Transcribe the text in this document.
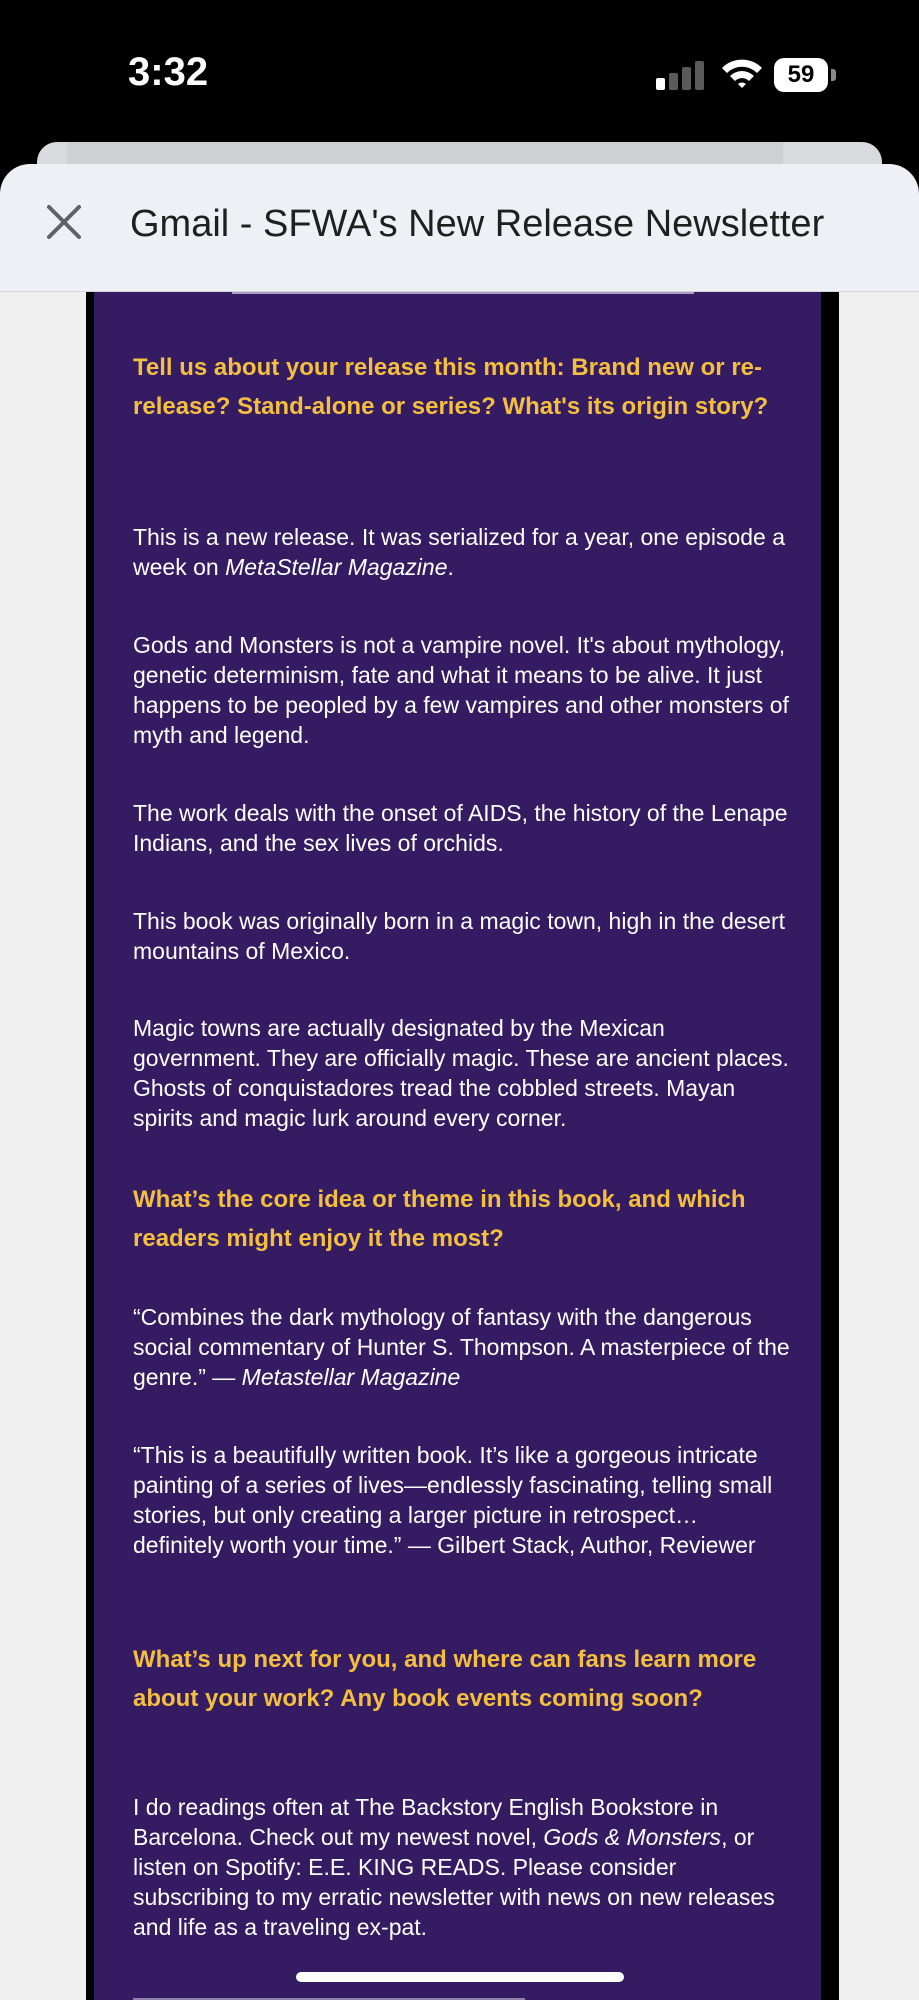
3:32	59

Tell us about your release this month: Brand new or re-release? Stand-alone or series? What's its origin story?

This is a new release. It was serialized for a year, one episode a week on MetaStellar Magazine.

Gods and Monsters is not a vampire novel. It's about mythology, genetic determinism, fate and what it means to be alive. It just happens to be peopled by a few vampires and other monsters of myth and legend.

The work deals with the onset of AIDS, the history of the Lenape Indians, and the sex lives of orchids.

This book was originally born in a magic town, high in the desert mountains of Mexico.

Magic towns are actually designated by the Mexican government. They are officially magic. These are ancient places. Ghosts of conquistadores tread the cobbled streets. Mayan spirits and magic lurk around every corner.

What’s the core idea or theme in this book, and which readers might enjoy it the most?

“Combines the dark mythology of fantasy with the dangerous social commentary of Hunter S. Thompson. A masterpiece of the genre.” — Metastellar Magazine

“This is a beautifully written book. It’s like a gorgeous intricate painting of a series of lives—endlessly fascinating, telling small stories, but only creating a larger picture in retrospect… definitely worth your time.” — Gilbert Stack, Author, Reviewer

What’s up next for you, and where can fans learn more about your work? Any book events coming soon?

I do readings often at The Backstory English Bookstore in Barcelona. Check out my newest novel, Gods & Monsters, or listen on Spotify: E.E. KING READS. Please consider subscribing to my erratic newsletter with news on new releases and life as a traveling ex-pat.

Gmail - SFWA's New Release Newsletter
